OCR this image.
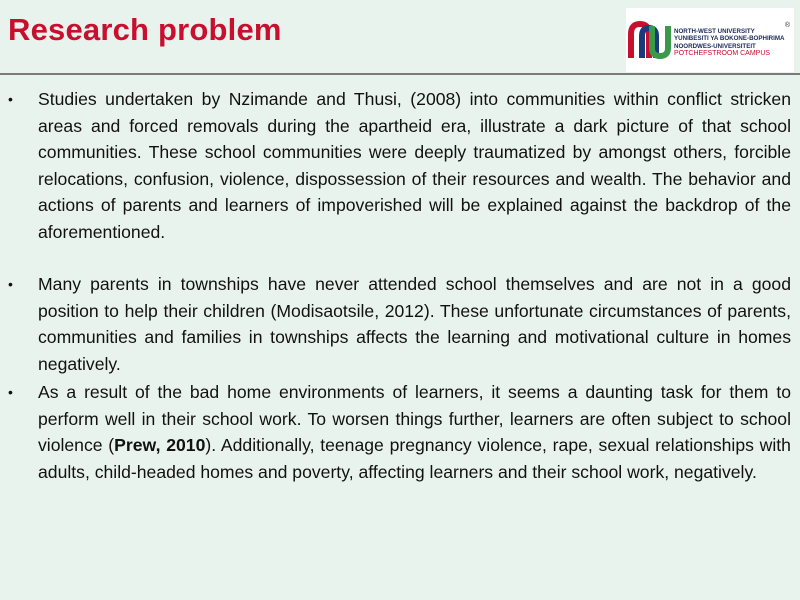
Research problem	NORTH-WEST UNIVERSITY
YUNIBESITI YA BOKONE-BOPHIRIMA
NOORDWES-UNIVERSITEIT
POTCHEFSTROOM CAMPUS
®
• Studies undertaken by Nzimande and Thusi, (2008) into communities within conflict stricken areas and forced removals during the apartheid era, illustrate a dark picture of that school communities. These school communities were deeply traumatized by amongst others, forcible relocations, confusion, violence, dispossession of their resources and wealth. The behavior and actions of parents and learners of impoverished will be explained against the backdrop of the aforementioned.
• Many parents in townships have never attended school themselves and are not in a good position to help their children (Modisaotsile, 2012). These unfortunate circumstances of parents, communities and families in townships affects the learning and motivational culture in homes negatively.
• As a result of the bad home environments of learners, it seems a daunting task for them to perform well in their school work. To worsen things further, learners are often subject to school violence (Prew, 2010). Additionally, teenage pregnancy violence, rape, sexual relationships with adults, child-headed homes and poverty, affecting learners and their school work, negatively.
